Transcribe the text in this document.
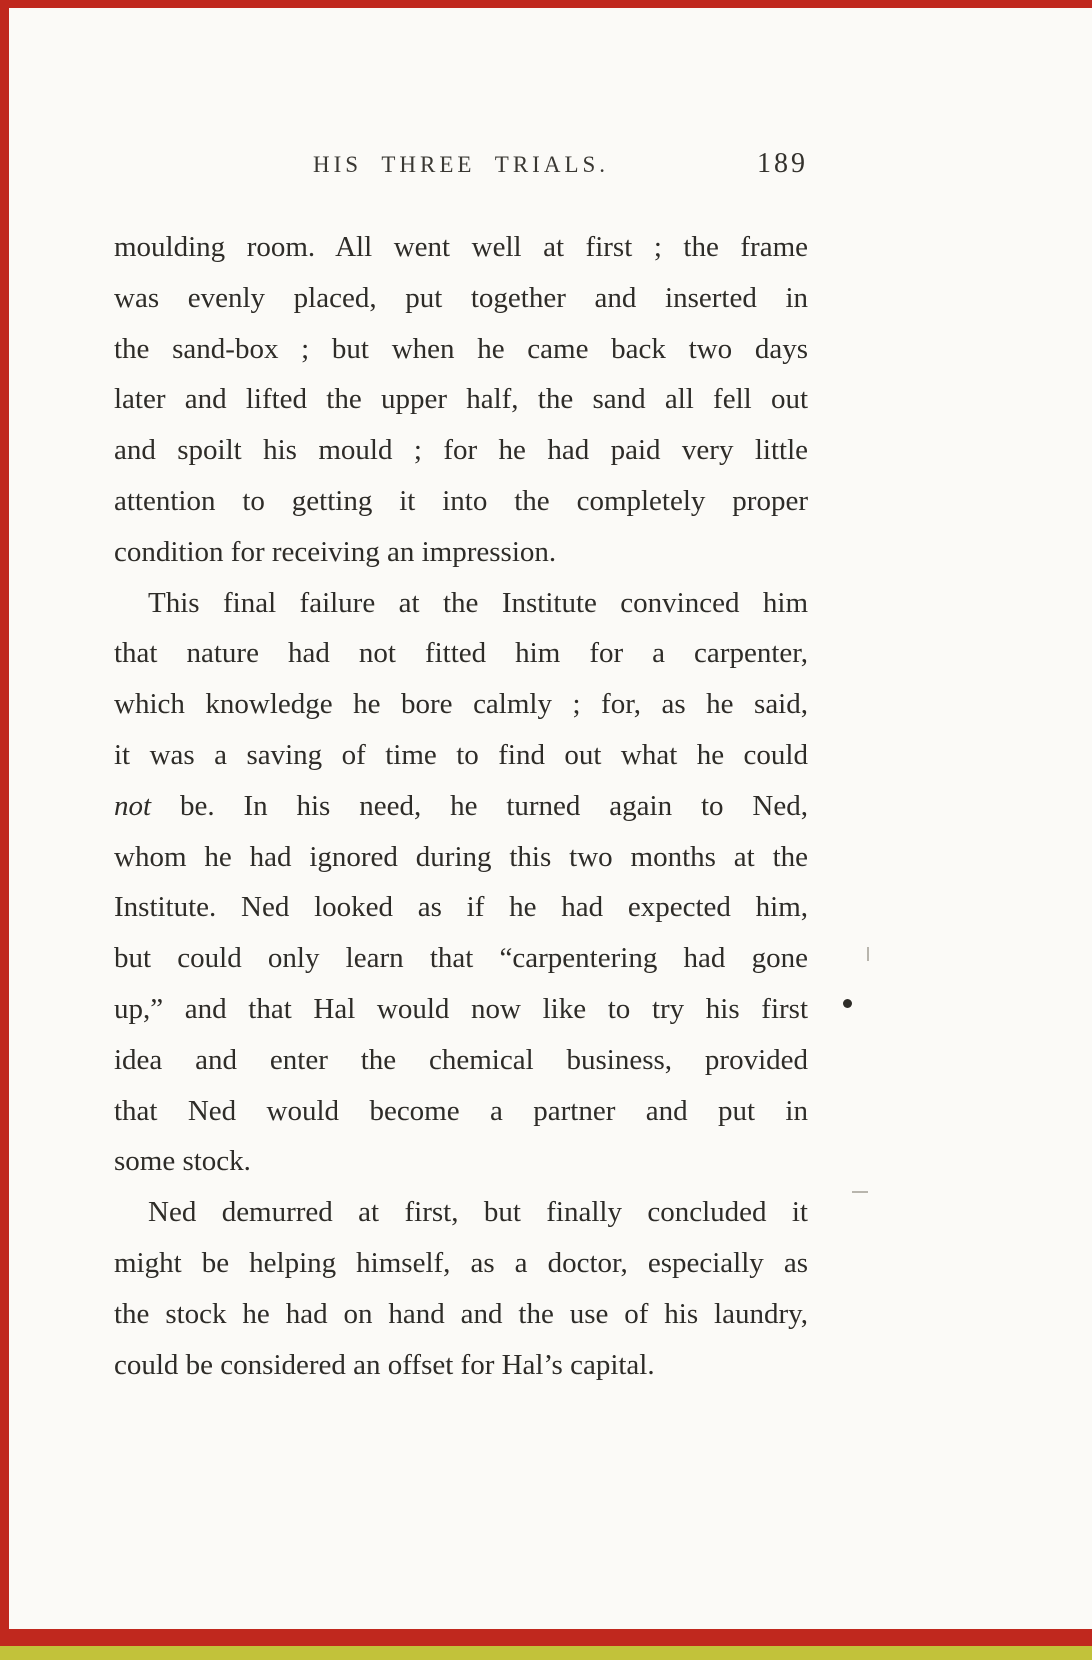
HIS THREE TRIALS.	189
moulding room. All went well at first ; the frame
was evenly placed, put together and inserted in
the sand-box ; but when he came back two days
later and lifted the upper half, the sand all fell out
and spoilt his mould ; for he had paid very little
attention to getting it into the completely proper
condition for receiving an impression.
This final failure at the Institute convinced him
that nature had not fitted him for a carpenter,
which knowledge he bore calmly ; for, as he said,
it was a saving of time to find out what he could
not be. In his need, he turned again to Ned,
whom he had ignored during this two months at the
Institute. Ned looked as if he had expected him,
but could only learn that “carpentering had gone
up,” and that Hal would now like to try his first
idea and enter the chemical business, provided
that Ned would become a partner and put in
some stock.
Ned demurred at first, but finally concluded it
might be helping himself, as a doctor, especially as
the stock he had on hand and the use of his laundry,
could be considered an offset for Hal’s capital.
